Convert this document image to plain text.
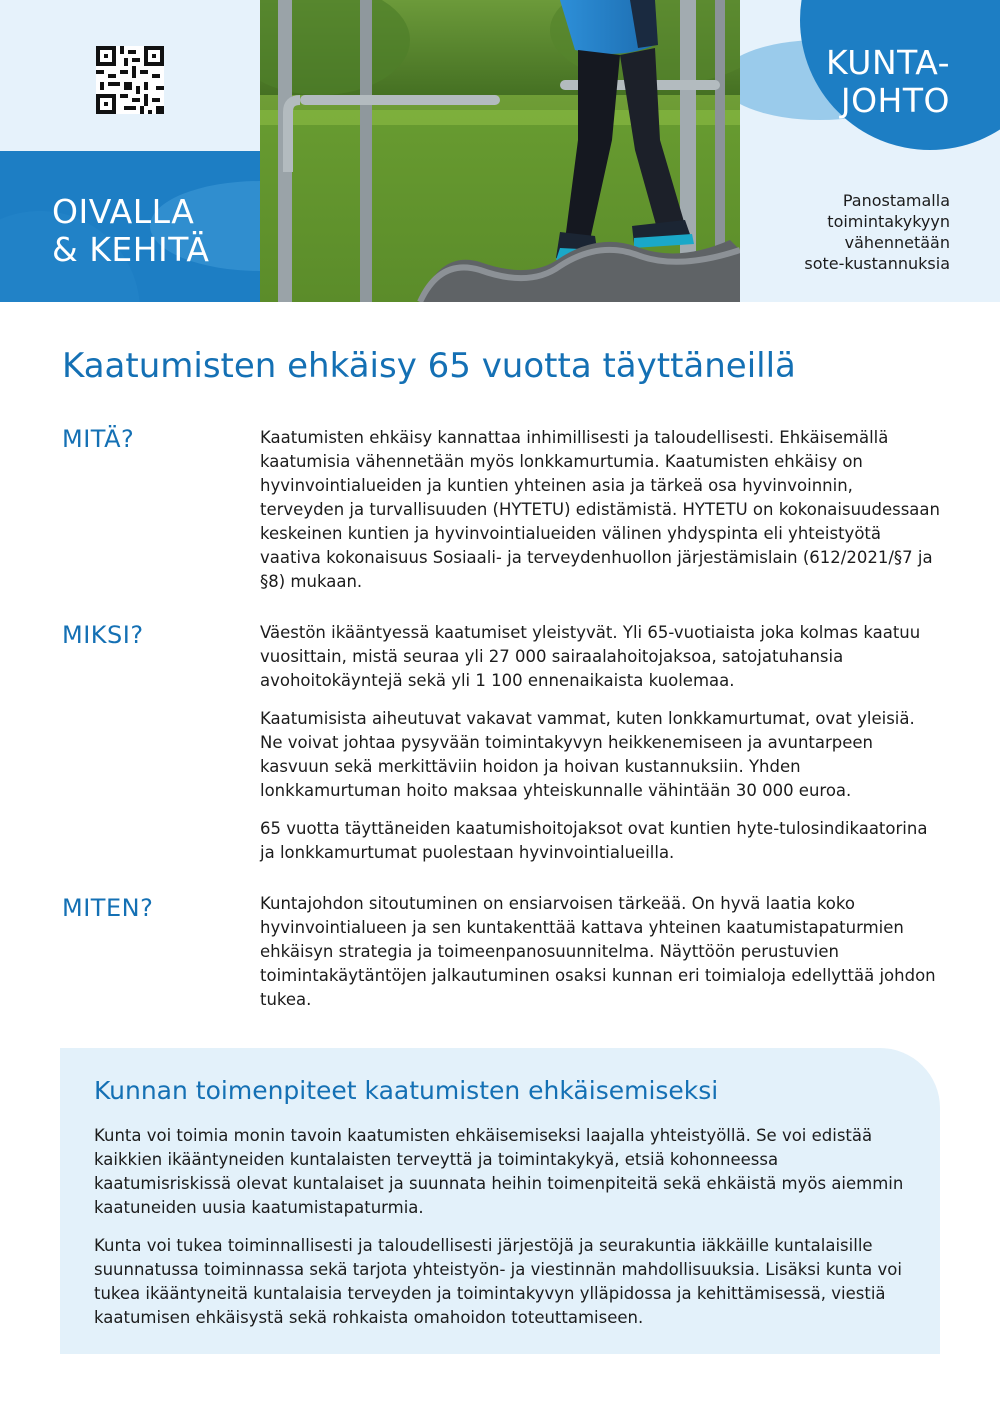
OIVALLA
& KEHITÄ
KUNTA-
JOHTO
Panostamalla
toimintakykyyn
vähennetään
sote-kustannuksia
Kaatumisten ehkäisy 65 vuotta täyttäneillä
MITÄ?	Kaatumisten ehkäisy kannattaa inhimillisesti ja taloudellisesti. Ehkäisemällä kaatumisia vähennetään myös lonkkamurtumia. Kaatumisten ehkäisy on hyvinvointialueiden ja kuntien yhteinen asia ja tärkeä osa hyvinvoinnin, terveyden ja turvallisuuden (HYTETU) edistämistä. HYTETU on kokonaisuudessaan keskeinen kuntien ja hyvinvointialueiden välinen yhdyspinta eli yhteistyötä vaativa kokonaisuus Sosiaali- ja terveydenhuollon järjestämislain (612/2021/§7 ja §8) mukaan.

MIKSI?	Väestön ikääntyessä kaatumiset yleistyvät. Yli 65-vuotiaista joka kolmas kaatuu vuosittain, mistä seuraa yli 27 000 sairaalahoitojaksoa, satojatuhansia avohoitokäyntejä sekä yli 1 100 ennenaikaista kuolemaa.

Kaatumisista aiheutuvat vakavat vammat, kuten lonkkamurtumat, ovat yleisiä. Ne voivat johtaa pysyvään toimintakyvyn heikkenemiseen ja avuntarpeen kasvuun sekä merkittäviin hoidon ja hoivan kustannuksiin. Yhden lonkkamurtuman hoito maksaa yhteiskunnalle vähintään 30 000 euroa.

65 vuotta täyttäneiden kaatumishoitojaksot ovat kuntien hyte-tulosindikaatorina ja lonkkamurtumat puolestaan hyvinvointialueilla.

MITEN?	Kuntajohdon sitoutuminen on ensiarvoisen tärkeää. On hyvä laatia koko hyvinvointialueen ja sen kuntakenttää kattava yhteinen kaatumistapaturmien ehkäisyn strategia ja toimeenpanosuunnitelma. Näyttöön perustuvien toimintakäytäntöjen jalkautuminen osaksi kunnan eri toimialoja edellyttää johdon tukea.

Kunnan toimenpiteet kaatumisten ehkäisemiseksi

Kunta voi toimia monin tavoin kaatumisten ehkäisemiseksi laajalla yhteistyöllä. Se voi edistää kaikkien ikääntyneiden kuntalaisten terveyttä ja toimintakykyä, etsiä kohonneessa kaatumisriskissä olevat kuntalaiset ja suunnata heihin toimenpiteitä sekä ehkäistä myös aiemmin kaatuneiden uusia kaatumistapaturmia.

Kunta voi tukea toiminnallisesti ja taloudellisesti järjestöjä ja seurakuntia iäkkäille kuntalaisille suunnatussa toiminnassa sekä tarjota yhteistyön- ja viestinnän mahdollisuuksia. Lisäksi kunta voi tukea ikääntyneitä kuntalaisia terveyden ja toimintakyvyn ylläpidossa ja kehittämisessä, viestiä kaatumisen ehkäisystä sekä rohkaista omahoidon toteuttamiseen.
